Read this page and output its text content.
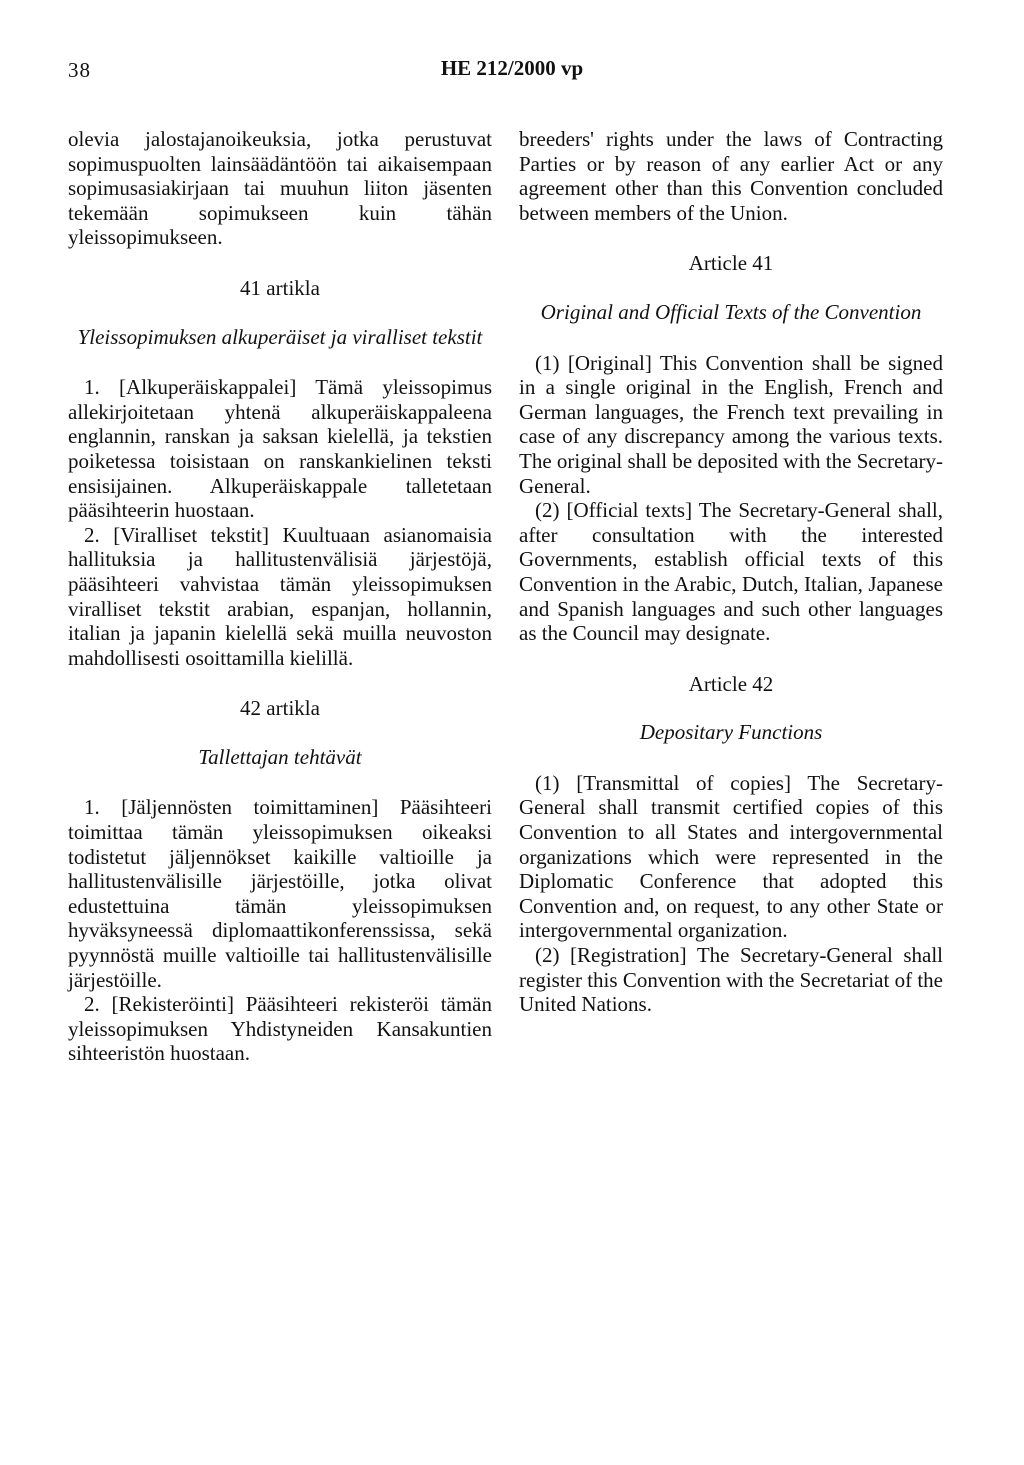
38	HE 212/2000 vp

olevia jalostajanoikeuksia, jotka perustuvat sopimuspuolten lainsäädäntöön tai aikaisempaan sopimusasiakirjaan tai muuhun liiton jäsenten tekemään sopimukseen kuin tähän yleissopimukseen.

41 artikla
Yleissopimuksen alkuperäiset ja viralliset tekstit

1. [Alkuperäiskappalei] Tämä yleissopimus allekirjoitetaan yhtenä alkuperäiskappaleena englannin, ranskan ja saksan kielellä, ja tekstien poiketessa toisistaan on ranskankielinen teksti ensisijainen. Alkuperäiskappale talletetaan pääsihteerin huostaan.

2. [Viralliset tekstit] Kuultuaan asianomaisia hallituksia ja hallitustenvälisiä järjestöjä, pääsihteeri vahvistaa tämän yleissopimuksen viralliset tekstit arabian, espanjan, hollannin, italian ja japanin kielellä sekä muilla neuvoston mahdollisesti osoittamilla kielillä.

42 artikla
Tallettajan tehtävät

1. [Jäljennösten toimittaminen] Pääsihteeri toimittaa tämän yleissopimuksen oikeaksi todistetut jäljennökset kaikille valtioille ja hallitustenvälisille järjestöille, jotka olivat edustettuina tämän yleissopimuksen hyväksyneessä diplomaattikonferenssissa, sekä pyynnöstä muille valtioille tai hallitustenvälisille järjestöille.

2. [Rekisteröinti] Pääsihteeri rekisteröi tämän yleissopimuksen Yhdistyneiden Kansakuntien sihteeristön huostaan.

breeders' rights under the laws of Contracting Parties or by reason of any earlier Act or any agreement other than this Convention concluded between members of the Union.

Article 41
Original and Official Texts of the Convention

(1) [Original] This Convention shall be signed in a single original in the English, French and German languages, the French text prevailing in case of any discrepancy among the various texts. The original shall be deposited with the Secretary-General.

(2) [Official texts] The Secretary-General shall, after consultation with the interested Governments, establish official texts of this Convention in the Arabic, Dutch, Italian, Japanese and Spanish languages and such other languages as the Council may designate.

Article 42
Depositary Functions

(1) [Transmittal of copies] The Secretary-General shall transmit certified copies of this Convention to all States and intergovernmental organizations which were represented in the Diplomatic Conference that adopted this Convention and, on request, to any other State or intergovernmental organization.

(2) [Registration] The Secretary-General shall register this Convention with the Secretariat of the United Nations.
